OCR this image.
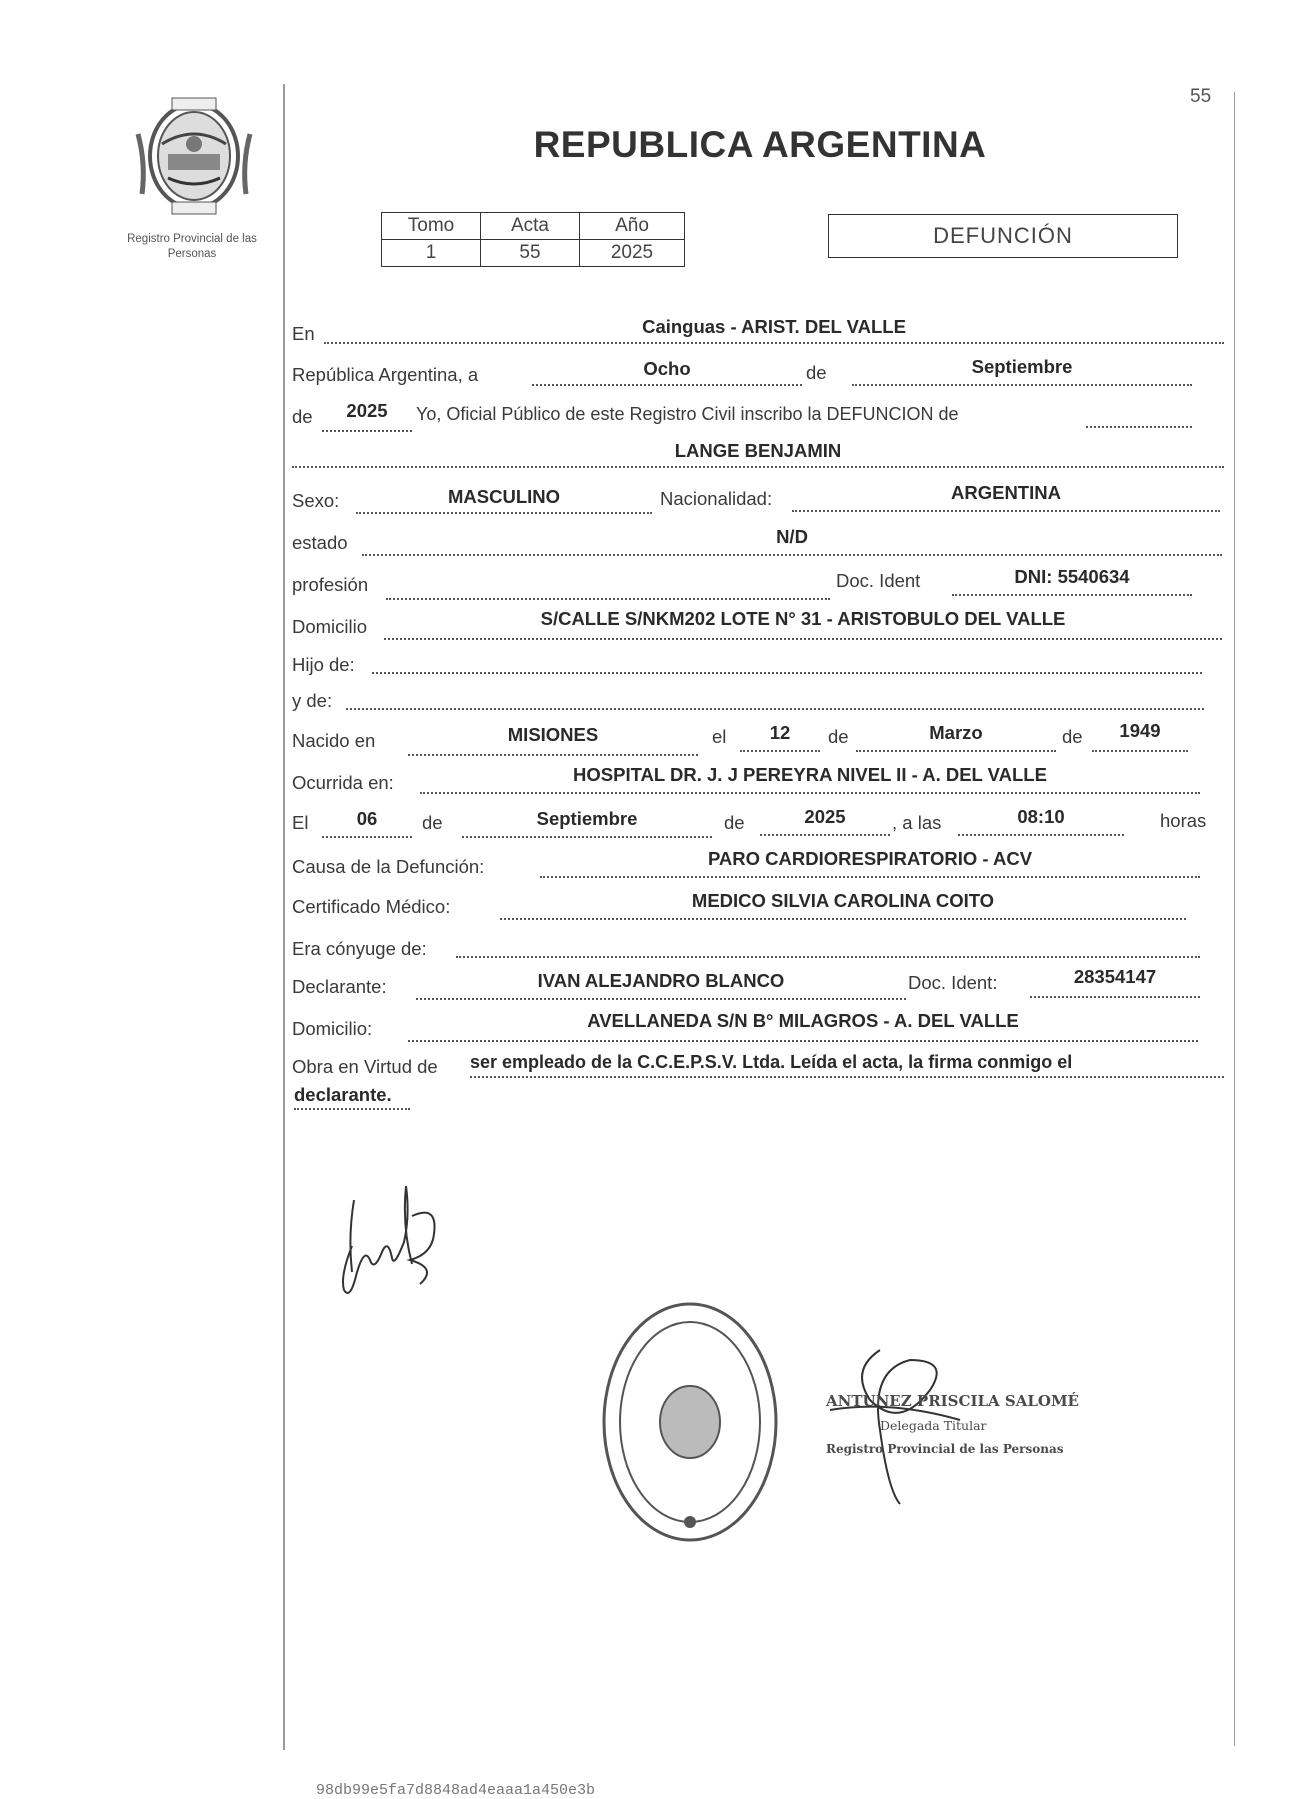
Registro Provincial de las Personas
55
REPUBLICA ARGENTINA
Tomo	Acta	Año
1	55	2025
DEFUNCIÓN
En	Cainguas - ARIST. DEL VALLE
República Argentina, a	Ocho	de	Septiembre
de	2025	Yo, Oficial Público de este Registro Civil inscribo la DEFUNCION de
LANGE BENJAMIN
Sexo:	MASCULINO	Nacionalidad:	ARGENTINA
estado	N/D
profesión	Doc. Ident	DNI: 5540634
Domicilio	S/CALLE S/NKM202 LOTE N° 31 - ARISTOBULO DEL VALLE
Hijo de:
y de:
Nacido en	MISIONES	el	12	de	Marzo	de	1949
Ocurrida en:	HOSPITAL DR. J. J PEREYRA NIVEL II - A. DEL VALLE
El	06	de	Septiembre	de	2025	, a las	08:10	horas
Causa de la Defunción:	PARO CARDIORESPIRATORIO - ACV
Certificado Médico:	MEDICO SILVIA CAROLINA COITO
Era cónyuge de:
Declarante:	IVAN ALEJANDRO BLANCO	Doc. Ident:	28354147
Domicilio:	AVELLANEDA S/N B° MILAGROS - A. DEL VALLE
Obra en Virtud de ser empleado de la C.C.E.P.S.V. Ltda. Leída el acta, la firma conmigo el
declarante.
ANTUNEZ PRISCILA SALOMÉ
Delegada Titular
Registro Provincial de las Personas
98db99e5fa7d8848ad4eaaa1a450e3b
